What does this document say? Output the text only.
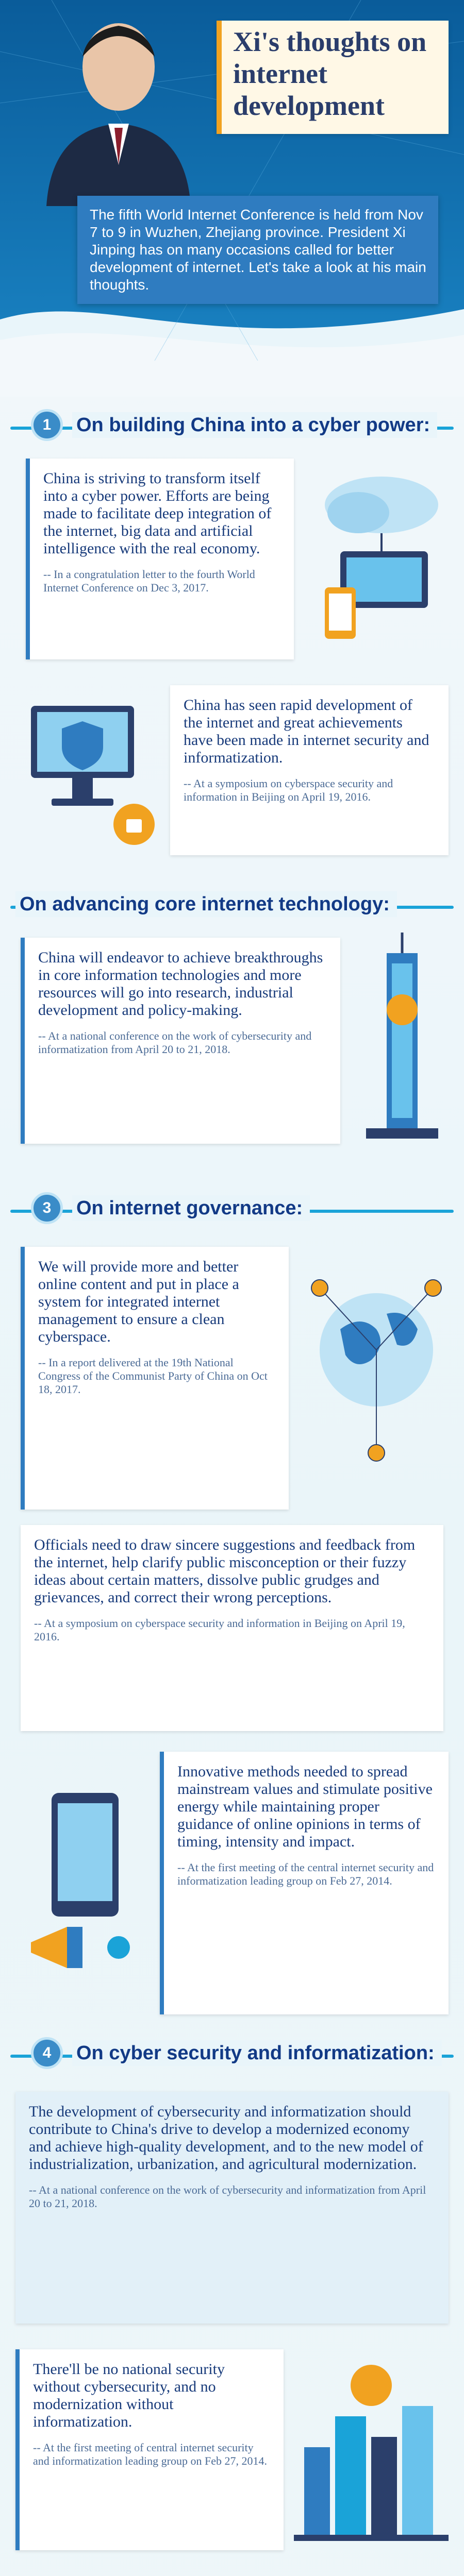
Xi's thoughts on internet development
The fifth World Internet Conference is held from Nov 7 to 9 in Wuzhen, Zhejiang province. President Xi Jinping has on many occasions called for better development of internet. Let's take a look at his main thoughts.
1	On building China into a cyber power:

China is striving to transform itself into a cyber power. Efforts are being made to facilitate deep integration of the internet, big data and artificial intelligence with the real economy.

-- In a congratulation letter to the fourth World Internet Conference on Dec 3, 2017.

China has seen rapid development of the internet and great achievements have been made in internet security and informatization.

-- At a symposium on cyberspace security and information in Beijing on April 19, 2016.

On advancing core internet technology:

China will endeavor to achieve breakthroughs in core information technologies and more resources will go into research, industrial development and policy-making.

-- At a national conference on the work of cybersecurity and informatization from April 20 to 21, 2018.

3	On internet governance:

We will provide more and better online content and put in place a system for integrated internet management to ensure a clean cyberspace.

-- In a report delivered at the 19th National Congress of the Communist Party of China on Oct 18, 2017.

Officials need to draw sincere suggestions and feedback from the internet, help clarify public misconception or their fuzzy ideas about certain matters, dissolve public grudges and grievances, and correct their wrong perceptions.

-- At a symposium on cyberspace security and information in Beijing on April 19, 2016.

Innovative methods needed to spread mainstream values and stimulate positive energy while maintaining proper guidance of online opinions in terms of timing, intensity and impact.

-- At the first meeting of the central internet security and informatization leading group on Feb 27, 2014.

4	On cyber security and informatization:

The development of cybersecurity and informatization should contribute to China's drive to develop a modernized economy and achieve high-quality development, and to the new model of industrialization, urbanization, and agricultural modernization.

-- At a national conference on the work of cybersecurity and informatization from April 20 to 21, 2018.

There'll be no national security without cybersecurity, and no modernization without informatization.

-- At the first meeting of central internet security and informatization leading group on Feb 27, 2014.
